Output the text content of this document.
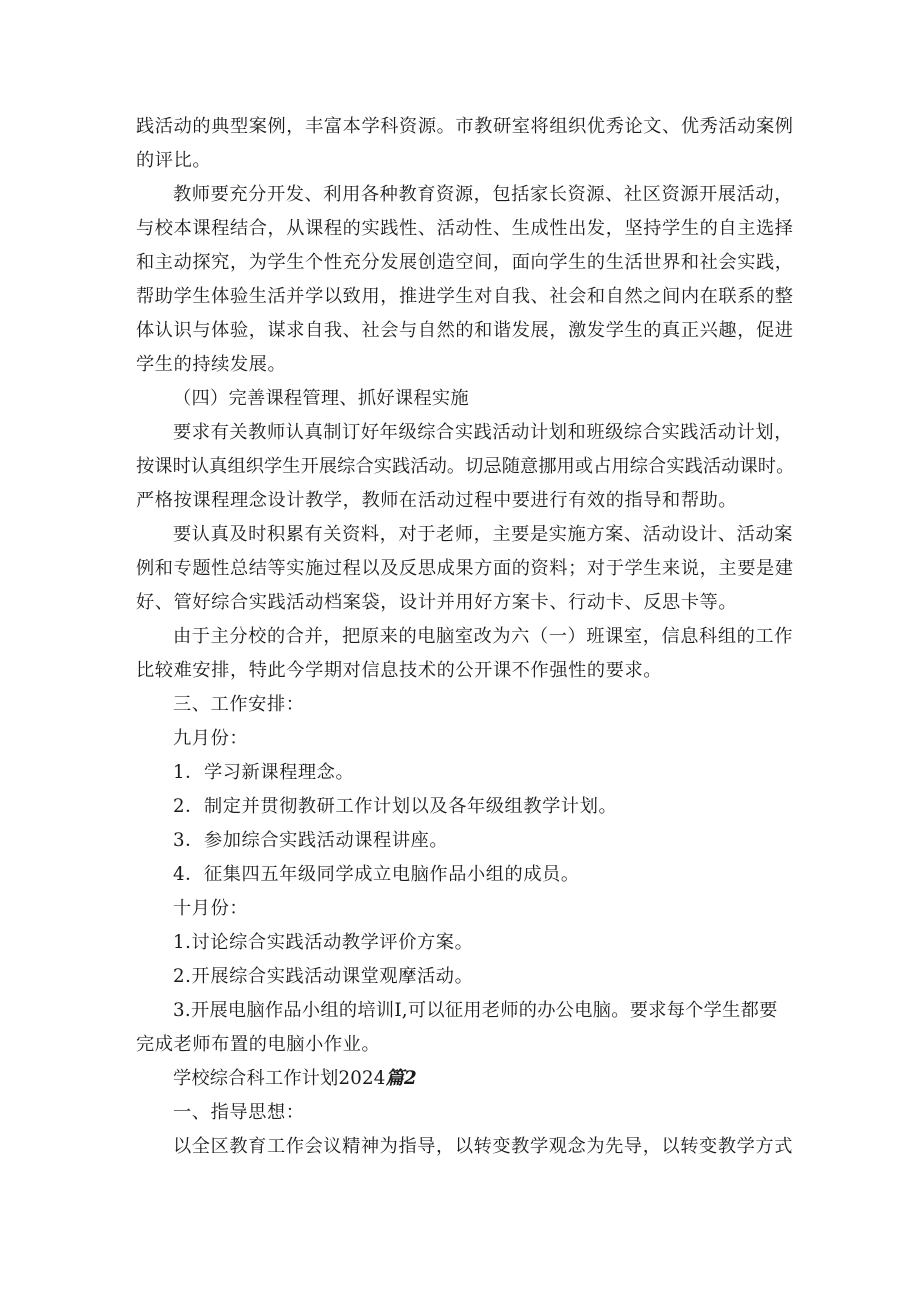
践活动的典型案例，丰富本学科资源。市教研室将组织优秀论文、优秀活动案例
的评比。
教师要充分开发、利用各种教育资源，包括家长资源、社区资源开展活动，
与校本课程结合，从课程的实践性、活动性、生成性出发，坚持学生的自主选择
和主动探究，为学生个性充分发展创造空间，面向学生的生活世界和社会实践，
帮助学生体验生活并学以致用，推进学生对自我、社会和自然之间内在联系的整
体认识与体验，谋求自我、社会与自然的和谐发展，激发学生的真正兴趣，促进
学生的持续发展。
（四）完善课程管理、抓好课程实施
要求有关教师认真制订好年级综合实践活动计划和班级综合实践活动计划，
按课时认真组织学生开展综合实践活动。切忌随意挪用或占用综合实践活动课时。
严格按课程理念设计教学，教师在活动过程中要进行有效的指导和帮助。
要认真及时积累有关资料，对于老师，主要是实施方案、活动设计、活动案
例和专题性总结等实施过程以及反思成果方面的资料；对于学生来说，主要是建
好、管好综合实践活动档案袋，设计并用好方案卡、行动卡、反思卡等。
由于主分校的合并，把原来的电脑室改为六（一）班课室，信息科组的工作
比较难安排，特此今学期对信息技术的公开课不作强性的要求。
三、工作安排：
九月份：
1．学习新课程理念。
2．制定并贯彻教研工作计划以及各年级组教学计划。
3．参加综合实践活动课程讲座。
4．征集四五年级同学成立电脑作品小组的成员。
十月份：
1.讨论综合实践活动教学评价方案。
2.开展综合实践活动课堂观摩活动。
3.开展电脑作品小组的培训I,可以征用老师的办公电脑。要求每个学生都要
完成老师布置的电脑小作业。
学校综合科工作计划2024篇2
一、指导思想：
以全区教育工作会议精神为指导，以转变教学观念为先导，以转变教学方式
